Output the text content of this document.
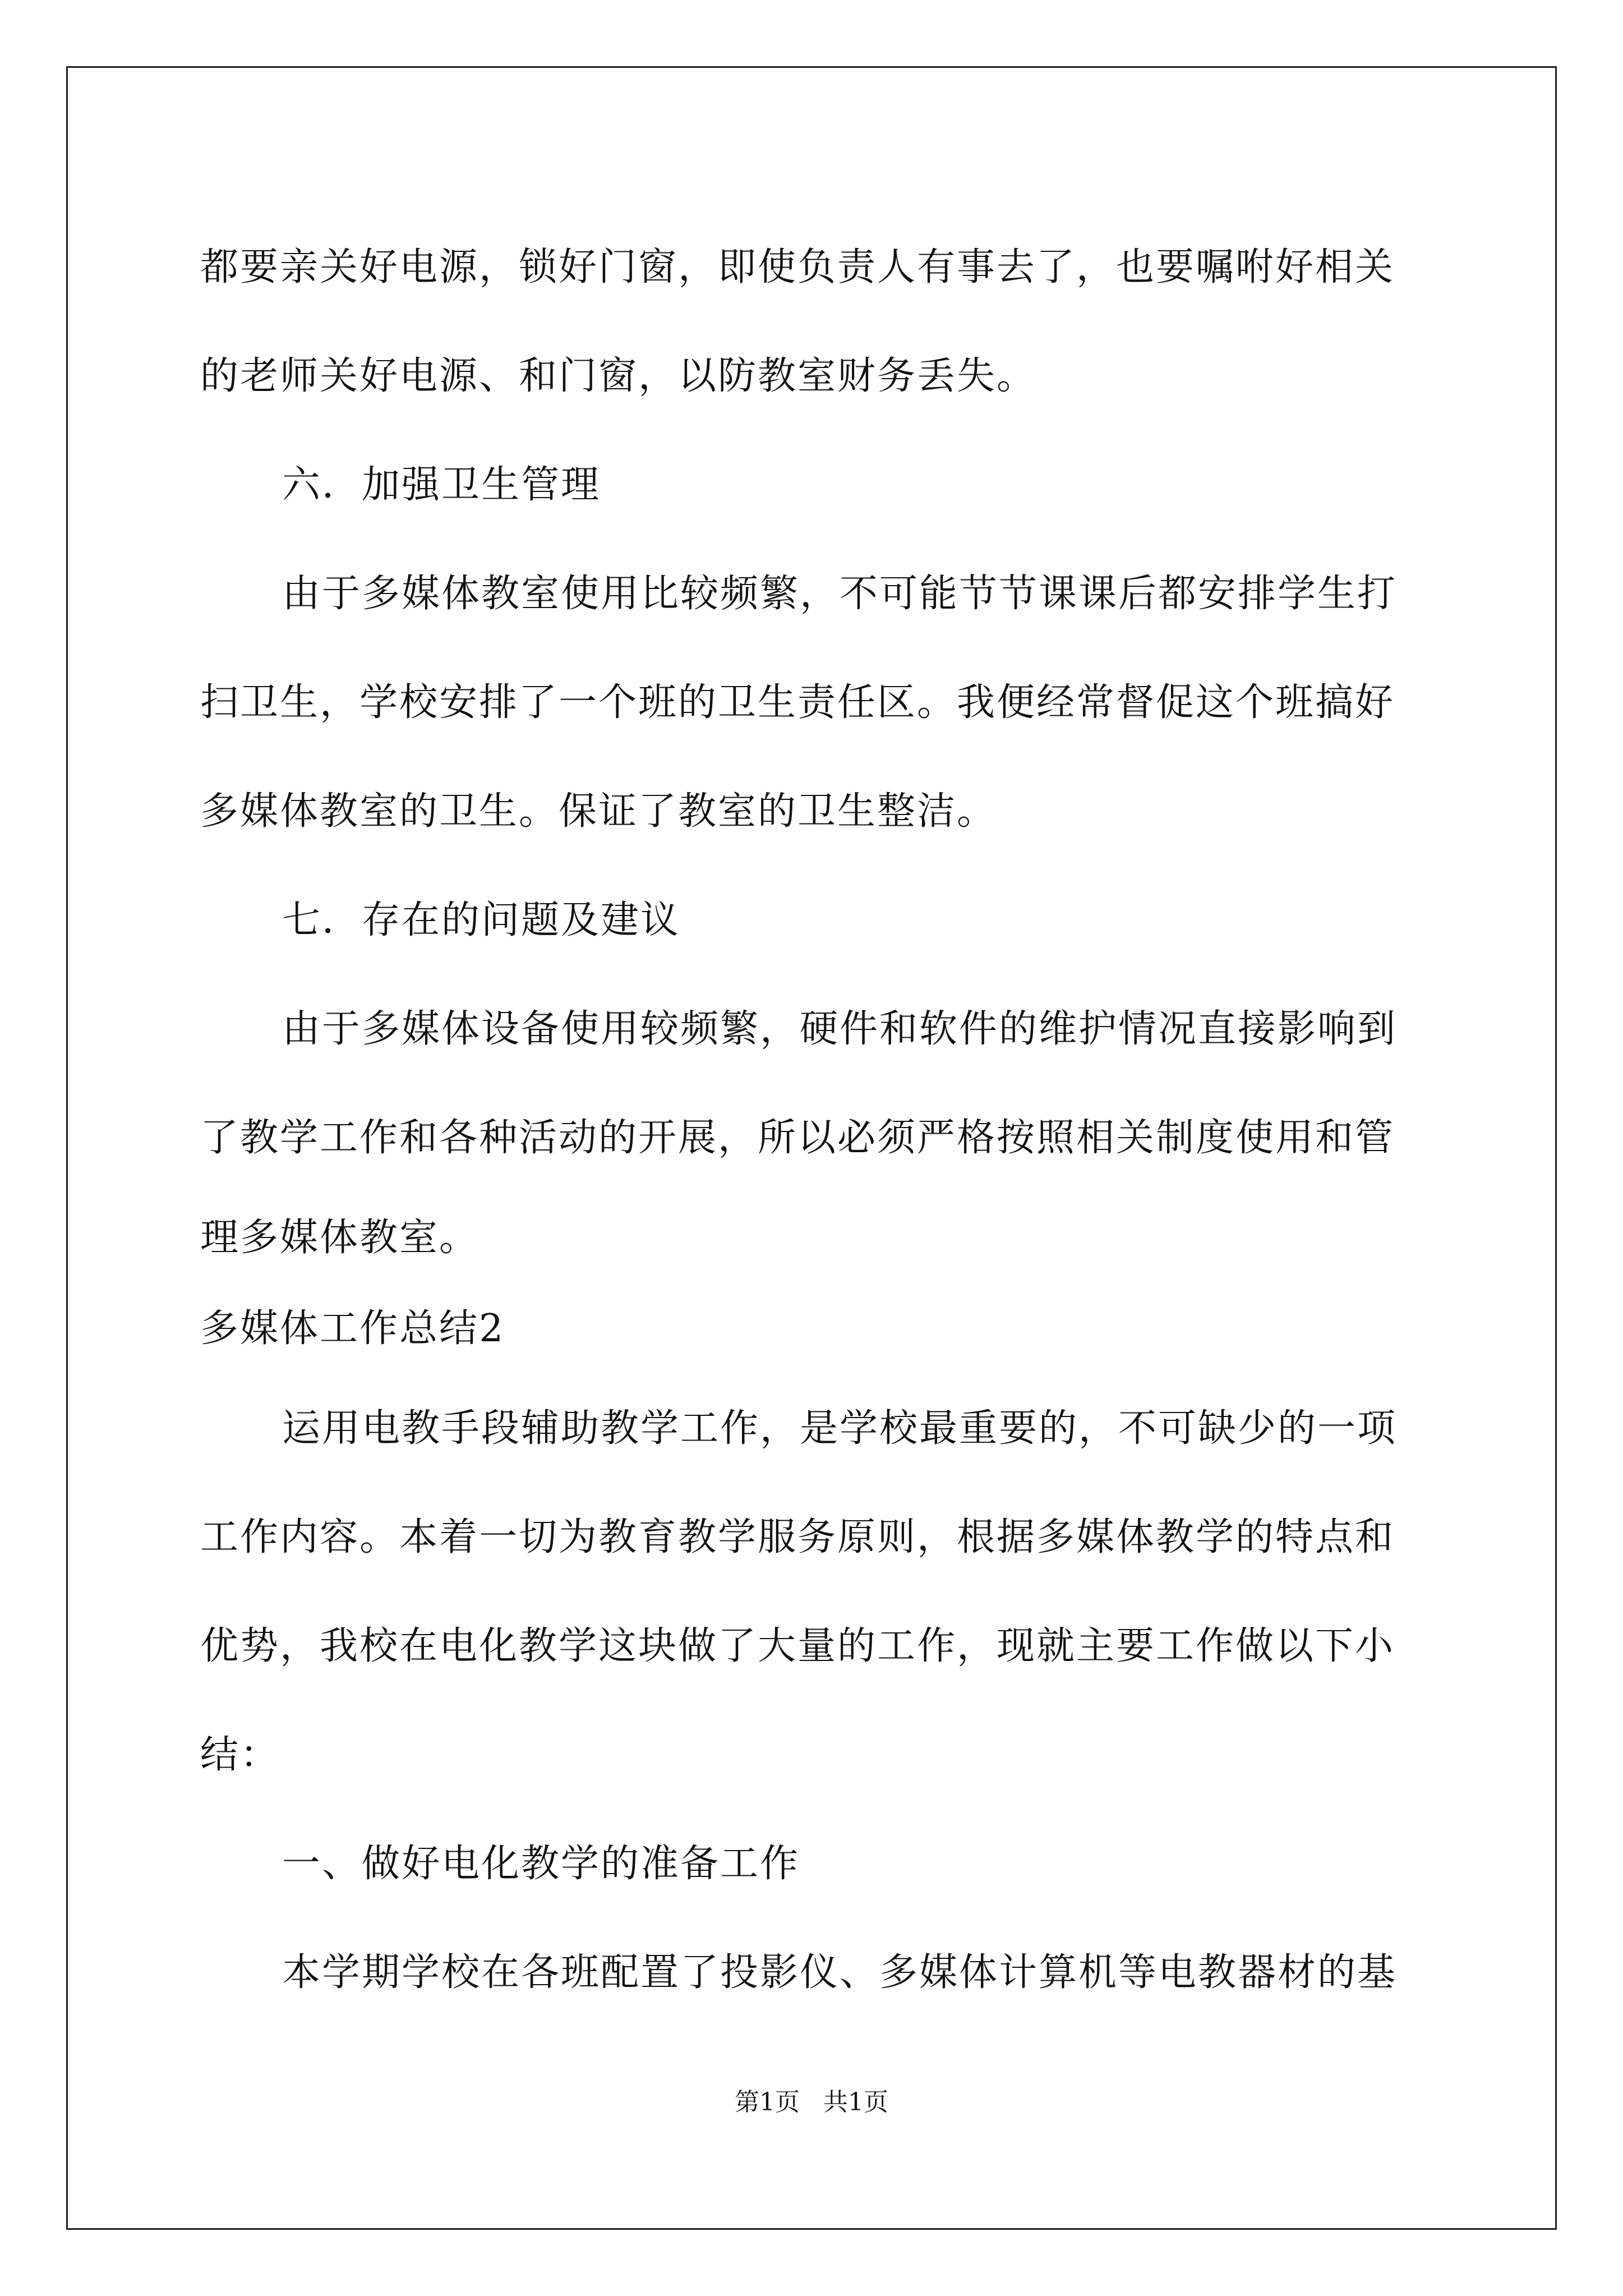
都要亲关好电源，锁好门窗，即使负责人有事去了，也要嘱咐好相关
的老师关好电源、和门窗，以防教室财务丢失。
六．加强卫生管理
由于多媒体教室使用比较频繁，不可能节节课课后都安排学生打
扫卫生，学校安排了一个班的卫生责任区。我便经常督促这个班搞好
多媒体教室的卫生。保证了教室的卫生整洁。
七．存在的问题及建议
由于多媒体设备使用较频繁，硬件和软件的维护情况直接影响到
了教学工作和各种活动的开展，所以必须严格按照相关制度使用和管
理多媒体教室。
多媒体工作总结2
运用电教手段辅助教学工作，是学校最重要的，不可缺少的一项
工作内容。本着一切为教育教学服务原则，根据多媒体教学的特点和
优势，我校在电化教学这块做了大量的工作，现就主要工作做以下小
结：
一、做好电化教学的准备工作
本学期学校在各班配置了投影仪、多媒体计算机等电教器材的基
第1页 共1页
